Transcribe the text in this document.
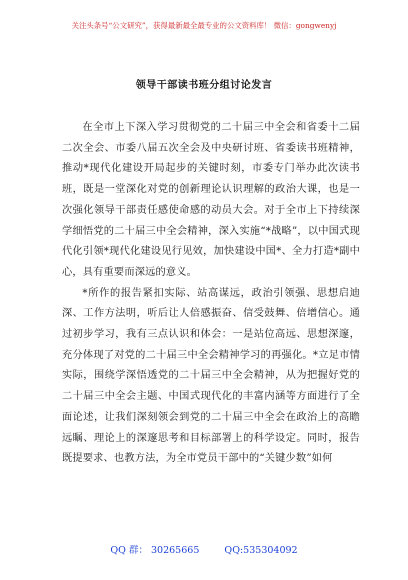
关注头条号“公文研究”，获得最新最全最专业的公文资料库！ 微信：gongwenyj
领导干部读书班分组讨论发言

在全市上下深入学习贯彻党的二十届三中全会和省委十二届二次全会、市委八届五次全会及中央研讨班、省委读书班精神，推动*现代化建设开局起步的关键时刻，市委专门举办此次读书班，既是一堂深化对党的创新理论认识理解的政治大课，也是一次强化领导干部责任感使命感的动员大会。对于全市上下持续深学细悟党的二十届三中全会精神，深入实施“*战略”，以中国式现代化引领*现代化建设见行见效，加快建设中国*、全力打造*副中心，具有重要而深远的意义。

*所作的报告紧扣实际、站高谋远，政治引领强、思想启迪深、工作方法明，听后让人倍感振奋、信受鼓舞、倍增信心。通过初步学习，我有三点认识和体会：一是站位高远、思想深邃，充分体现了对党的二十届三中全会精神学习的再强化。*立足市情实际，围绕学深悟透党的二十届三中全会精神，从为把握好党的二十届三中全会主题、中国式现代化的丰富内涵等方面进行了全面论述，让我们深刻领会到党的二十届三中全会在政治上的高瞻远瞩、理论上的深邃思考和目标部署上的科学设定。同时，报告既提要求、也教方法，为全市党员干部中的“关键少数”如何

QQ 群： 30265665	QQ:535304092
